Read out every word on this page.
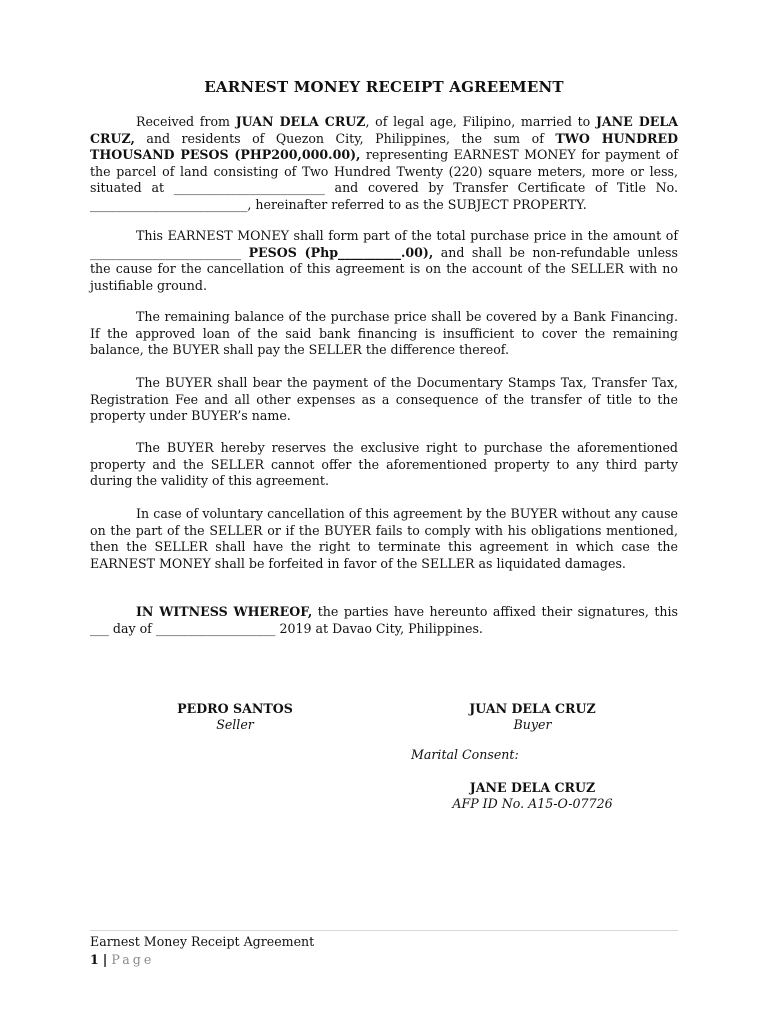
EARNEST MONEY RECEIPT AGREEMENT

Received from JUAN DELA CRUZ, of legal age, Filipino, married to JANE DELA CRUZ, and residents of Quezon City, Philippines, the sum of TWO HUNDRED THOUSAND PESOS (PHP200,000.00), representing EARNEST MONEY for payment of the parcel of land consisting of Two Hundred Twenty (220) square meters, more or less, situated at ________________________ and covered by Transfer Certificate of Title No. _________________________, hereinafter referred to as the SUBJECT PROPERTY.

This EARNEST MONEY shall form part of the total purchase price in the amount of ________________________ PESOS (Php__________.00), and shall be non-refundable unless the cause for the cancellation of this agreement is on the account of the SELLER with no justifiable ground.

The remaining balance of the purchase price shall be covered by a Bank Financing. If the approved loan of the said bank financing is insufficient to cover the remaining balance, the BUYER shall pay the SELLER the difference thereof.

The BUYER shall bear the payment of the Documentary Stamps Tax, Transfer Tax, Registration Fee and all other expenses as a consequence of the transfer of title to the property under BUYER’s name.

The BUYER hereby reserves the exclusive right to purchase the aforementioned property and the SELLER cannot offer the aforementioned property to any third party during the validity of this agreement.

In case of voluntary cancellation of this agreement by the BUYER without any cause on the part of the SELLER or if the BUYER fails to comply with his obligations mentioned, then the SELLER shall have the right to terminate this agreement in which case the EARNEST MONEY shall be forfeited in favor of the SELLER as liquidated damages.

IN WITNESS WHEREOF, the parties have hereunto affixed their signatures, this ___ day of ___________________ 2019 at Davao City, Philippines.

PEDRO SANTOS
Seller
JUAN DELA CRUZ
Buyer
Marital Consent:
JANE DELA CRUZ
AFP ID No. A15-O-07726
Earnest Money Receipt Agreement
1 | Page
